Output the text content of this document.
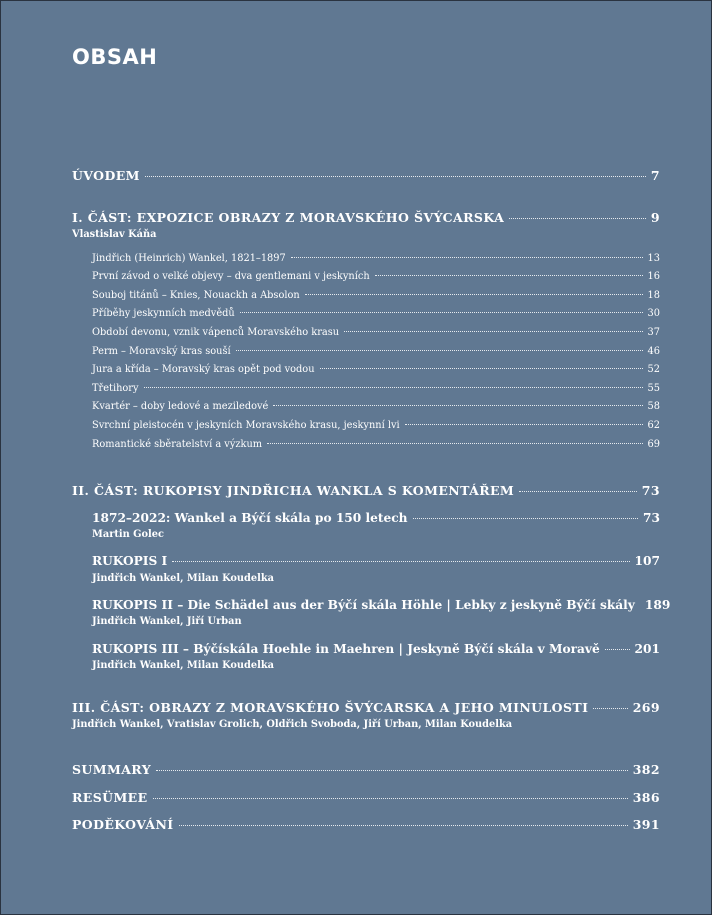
OBSAH
ÚVODEM	7
I. ČÁST: EXPOZICE OBRAZY Z MORAVSKÉHO ŠVÝCARSKA	9
Vlastislav Káňa
Jindřich (Heinrich) Wankel, 1821–1897	13
První závod o velké objevy – dva gentlemani v jeskyních	16
Souboj titánů – Knies, Nouackh a Absolon	18
Příběhy jeskynních medvědů	30
Období devonu, vznik vápenců Moravského krasu	37
Perm – Moravský kras souší	46
Jura a křída – Moravský kras opět pod vodou	52
Třetihory	55
Kvartér – doby ledové a meziledové	58
Svrchní pleistocén v jeskyních Moravského krasu, jeskynní lvi	62
Romantické sběratelství a výzkum	69
II. ČÁST: RUKOPISY JINDŘICHA WANKLA S KOMENTÁŘEM	73
1872–2022: Wankel a Býčí skála po 150 letech	73
Martin Golec
RUKOPIS I	107
Jindřich Wankel, Milan Koudelka
RUKOPIS II – Die Schädel aus der Býčí skála Höhle | Lebky z jeskyně Býčí skály 189
Jindřich Wankel, Jiří Urban
RUKOPIS III – Býčískála Hoehle in Maehren | Jeskyně Býčí skála v Moravě	201
Jindřich Wankel, Milan Koudelka
III. ČÁST: OBRAZY Z MORAVSKÉHO ŠVÝCARSKA A JEHO MINULOSTI	269
Jindřich Wankel, Vratislav Grolich, Oldřich Svoboda, Jiří Urban, Milan Koudelka
SUMMARY	382
RESÜMEE	386
PODĚKOVÁNÍ	391
